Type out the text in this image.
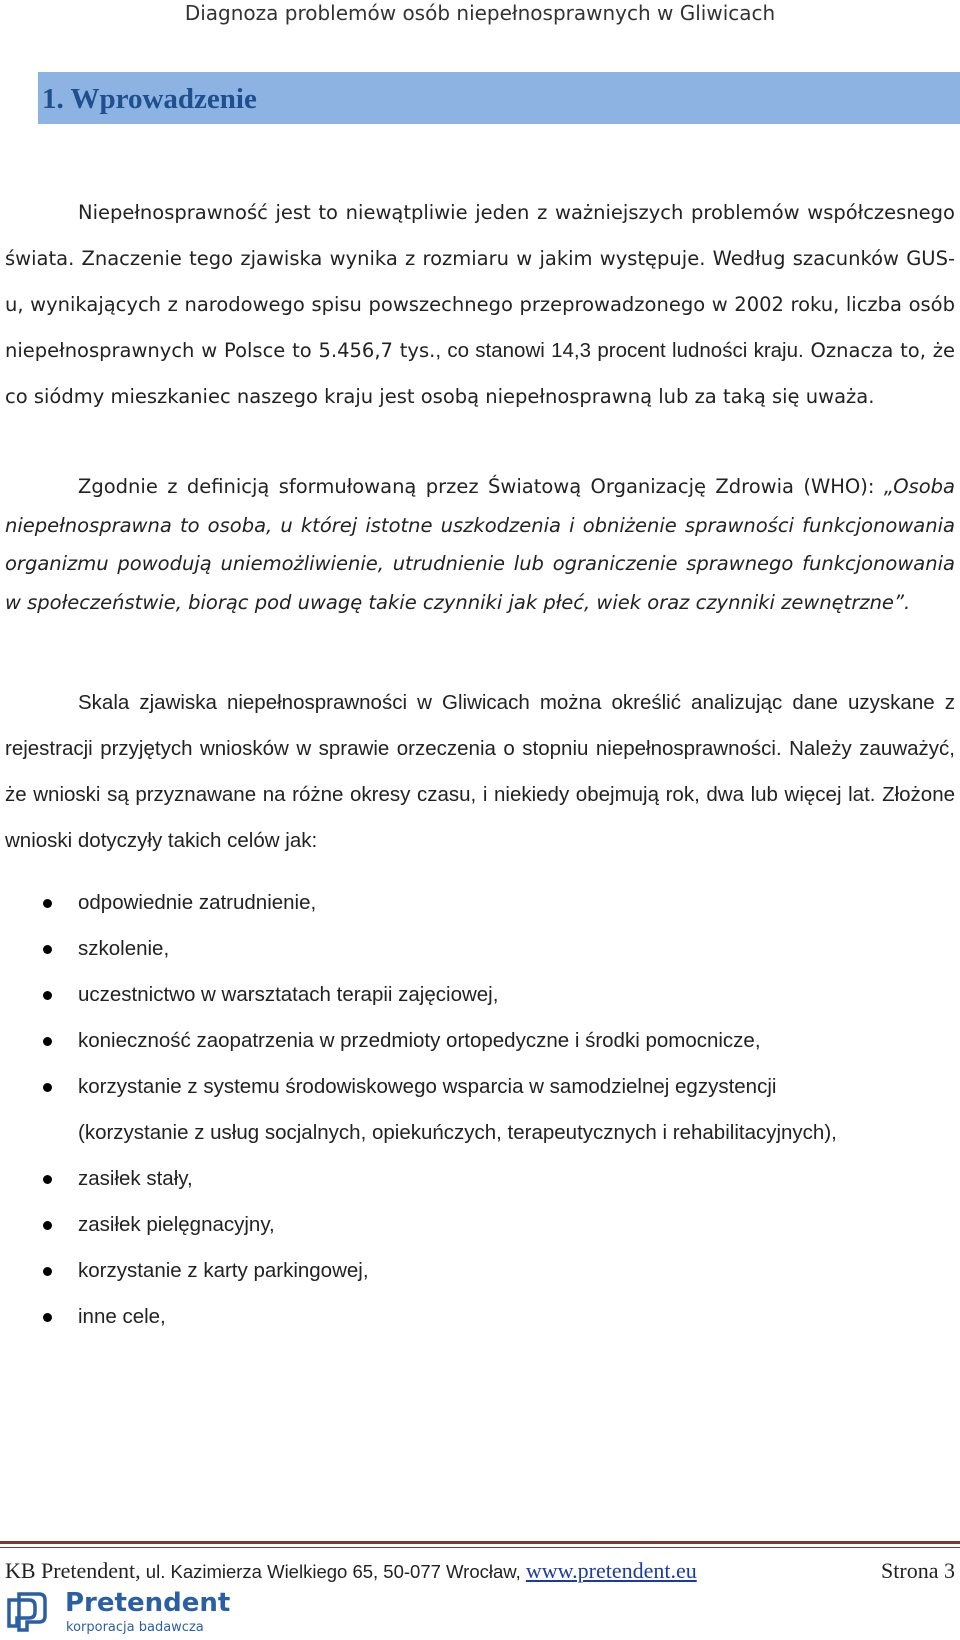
Diagnoza problemów osób niepełnosprawnych w Gliwicach
1. Wprowadzenie

Niepełnosprawność jest to niewątpliwie jeden z ważniejszych problemów współczesnego świata. Znaczenie tego zjawiska wynika z rozmiaru w jakim występuje. Według szacunków GUS-u, wynikających z narodowego spisu powszechnego przeprowadzonego w 2002 roku, liczba osób niepełnosprawnych w Polsce to 5.456,7 tys., co stanowi 14,3 procent ludności kraju. Oznacza to, że co siódmy mieszkaniec naszego kraju jest osobą niepełnosprawną lub za taką się uważa.

Zgodnie z definicją sformułowaną przez Światową Organizację Zdrowia (WHO): „Osoba niepełnosprawna to osoba, u której istotne uszkodzenia i obniżenie sprawności funkcjonowania organizmu powodują uniemożliwienie, utrudnienie lub ograniczenie sprawnego funkcjonowania w społeczeństwie, biorąc pod uwagę takie czynniki jak płeć, wiek oraz czynniki zewnętrzne”.

Skala zjawiska niepełnosprawności w Gliwicach można określić analizując dane uzyskane z rejestracji przyjętych wniosków w sprawie orzeczenia o stopniu niepełnosprawności. Należy zauważyć, że wnioski są przyznawane na różne okresy czasu, i niekiedy obejmują rok, dwa lub więcej lat. Złożone wnioski dotyczyły takich celów jak:

odpowiednie zatrudnienie,
szkolenie,
uczestnictwo w warsztatach terapii zajęciowej,
konieczność zaopatrzenia w przedmioty ortopedyczne i środki pomocnicze,
korzystanie z systemu środowiskowego wsparcia w samodzielnej egzystencji
(korzystanie z usług socjalnych, opiekuńczych, terapeutycznych i rehabilitacyjnych),
zasiłek stały,
zasiłek pielęgnacyjny,
korzystanie z karty parkingowej,
inne cele,
KB Pretendent, ul. Kazimierza Wielkiego 65, 50-077 Wrocław, www.pretendent.eu	Strona 3
Pretendent
korporacja badawcza
